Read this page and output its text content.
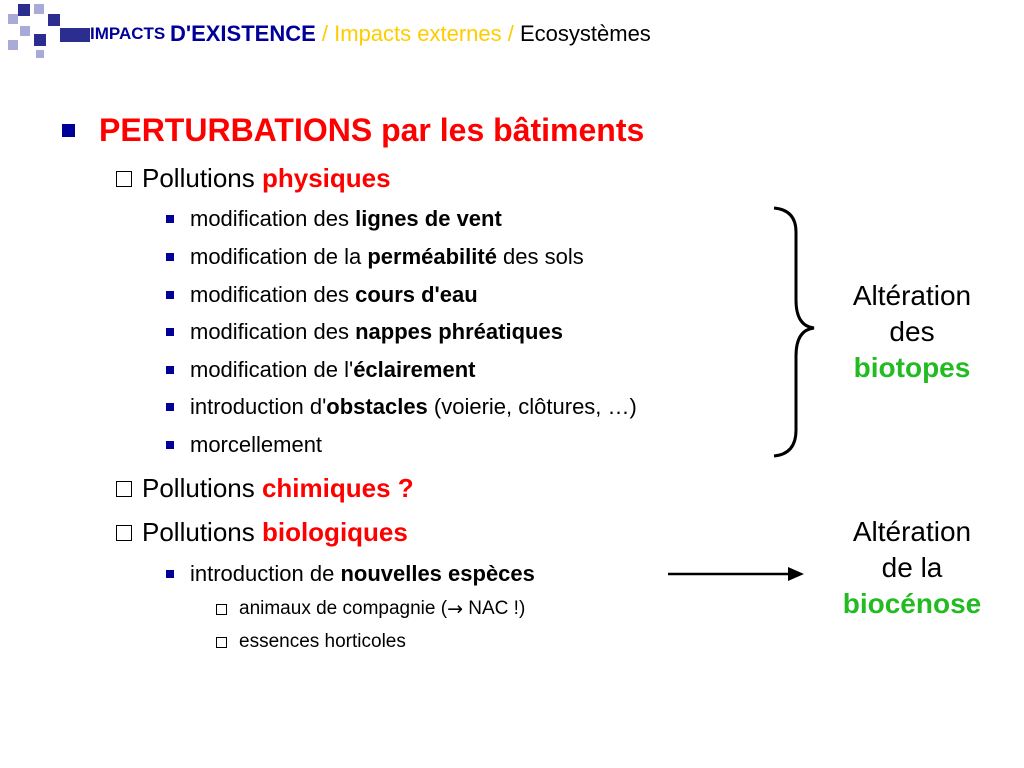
IMPACTS D'EXISTENCE / Impacts externes / Ecosystèmes
PERTURBATIONS par les bâtiments
Pollutions physiques
modification des lignes de vent
modification de la perméabilité des sols
modification des cours d'eau
modification des nappes phréatiques
modification de l' éclairement
introduction d' obstacles (voierie, clôtures, …)
morcellement
Pollutions chimiques ?
Pollutions biologiques
introduction de nouvelles espèces
animaux de compagnie ( → NAC !)
essences horticoles
Altération
des
biotopes
Altération
de la
biocénose
